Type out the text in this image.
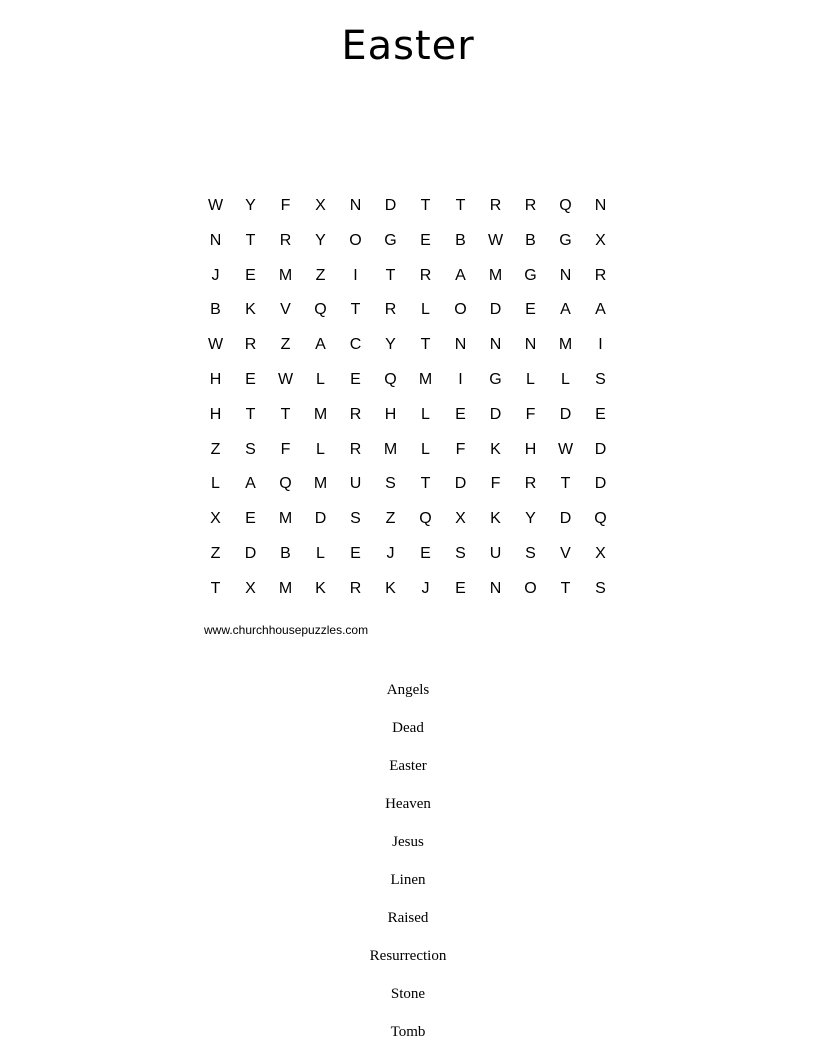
Easter
W	Y	F	X	N	D	T	T	R	R	Q	N
N	T	R	Y	O	G	E	B	W	B	G	X
J	E	M	Z	I	T	R	A	M	G	N	R
B	K	V	Q	T	R	L	O	D	E	A	A
W	R	Z	A	C	Y	T	N	N	N	M	I
H	E	W	L	E	Q	M	I	G	L	L	S
H	T	T	M	R	H	L	E	D	F	D	E
Z	S	F	L	R	M	L	F	K	H	W	D
L	A	Q	M	U	S	T	D	F	R	T	D
X	E	M	D	S	Z	Q	X	K	Y	D	Q
Z	D	B	L	E	J	E	S	U	S	V	X
T	X	M	K	R	K	J	E	N	O	T	S
www.churchhousepuzzles.com
Angels
Dead
Easter
Heaven
Jesus
Linen
Raised
Resurrection
Stone
Tomb
